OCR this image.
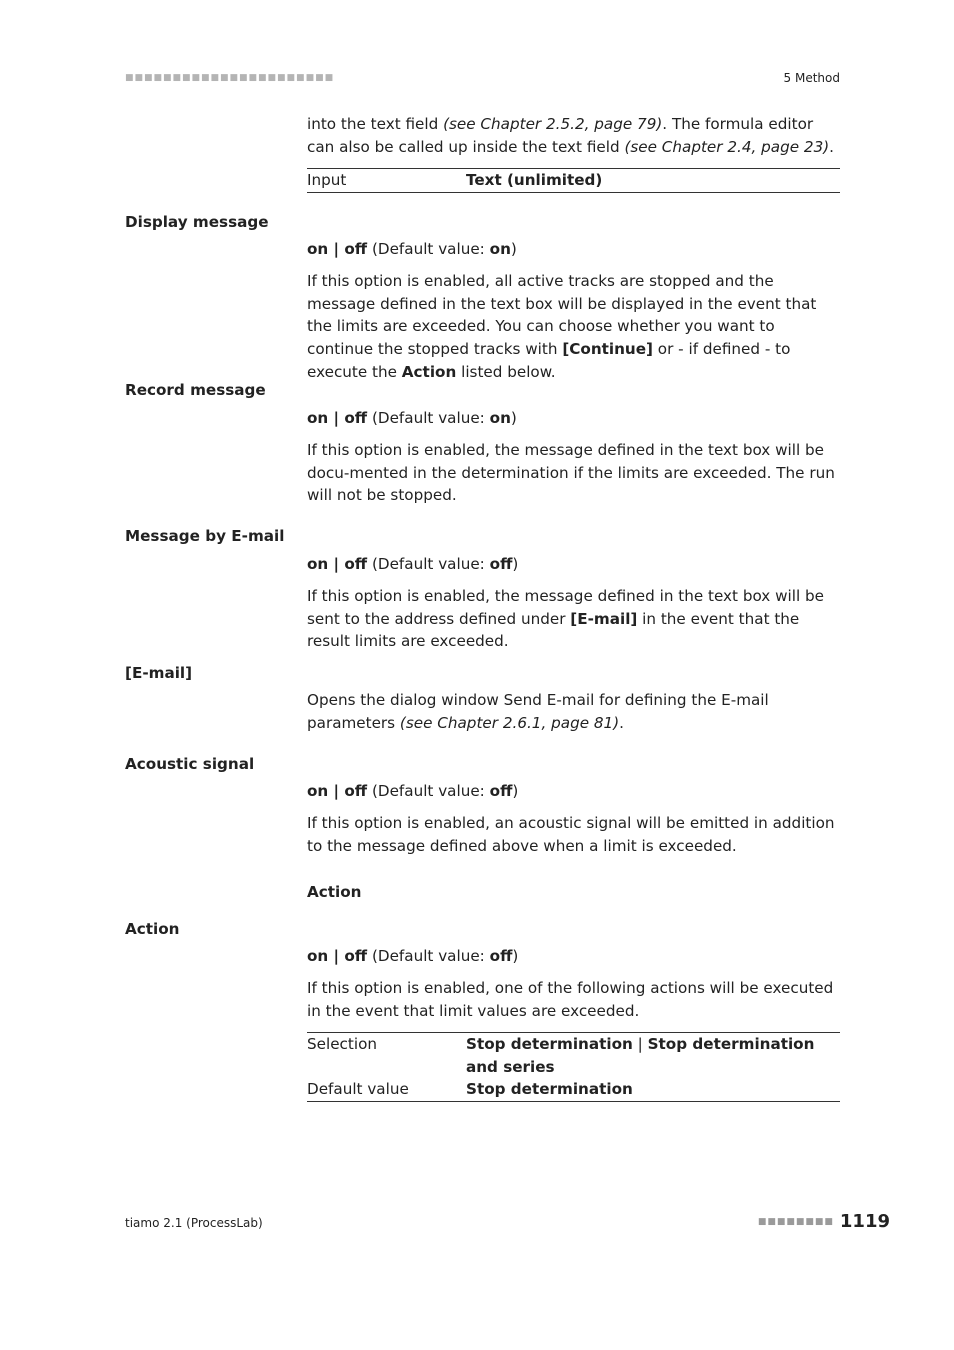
■■■■■■■■■■■■■■■■■■■■■■	5 Method

into the text field (see Chapter 2.5.2, page 79). The formula editor can also be called up inside the text field (see Chapter 2.4, page 23).

Input	Text (unlimited)
Display message

on | off (Default value: on)

If this option is enabled, all active tracks are stopped and the message defined in the text box will be displayed in the event that the limits are exceeded. You can choose whether you want to continue the stopped tracks with [Continue] or - if defined - to execute the Action listed below.

Record message

on | off (Default value: on)

If this option is enabled, the message defined in the text box will be docu-mented in the determination if the limits are exceeded. The run will not be stopped.

Message by E-mail

on | off (Default value: off)

If this option is enabled, the message defined in the text box will be sent to the address defined under [E-mail] in the event that the result limits are exceeded.

[E-mail]

Opens the dialog window Send E-mail for defining the E-mail parameters (see Chapter 2.6.1, page 81).

Acoustic signal

on | off (Default value: off)

If this option is enabled, an acoustic signal will be emitted in addition to the message defined above when a limit is exceeded.

Action
Action

on | off (Default value: off)

If this option is enabled, one of the following actions will be executed in the event that limit values are exceeded.

Selection	Stop determination | Stop determination and series
Default value	Stop determination
tiamo 2.1 (ProcessLab)	■■■■■■■■ 1119
